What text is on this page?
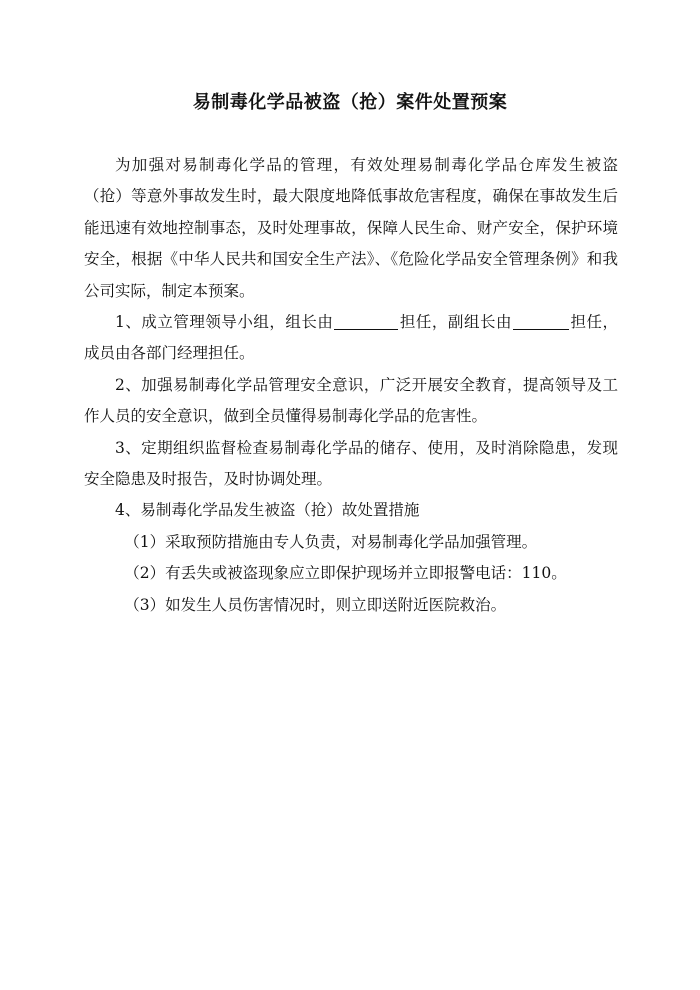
易制毒化学品被盗（抢）案件处置预案

为加强对易制毒化学品的管理，有效处理易制毒化学品仓库发生被盗（抢）等意外事故发生时，最大限度地降低事故危害程度，确保在事故发生后能迅速有效地控制事态，及时处理事故，保障人民生命、财产安全，保护环境安全，根据《中华人民共和国安全生产法》、《危险化学品安全管理条例》和我公司实际，制定本预案。

1、成立管理领导小组，组长由	担任，副组长由	担任，成员由各部门经理担任。

2、加强易制毒化学品管理安全意识，广泛开展安全教育，提高领导及工作人员的安全意识，做到全员懂得易制毒化学品的危害性。

3、定期组织监督检查易制毒化学品的储存、使用，及时消除隐患，发现安全隐患及时报告，及时协调处理。

4、易制毒化学品发生被盗（抢）故处置措施

（1）采取预防措施由专人负责，对易制毒化学品加强管理。

（2）有丢失或被盗现象应立即保护现场并立即报警电话：110。

（3）如发生人员伤害情况时，则立即送附近医院救治。
